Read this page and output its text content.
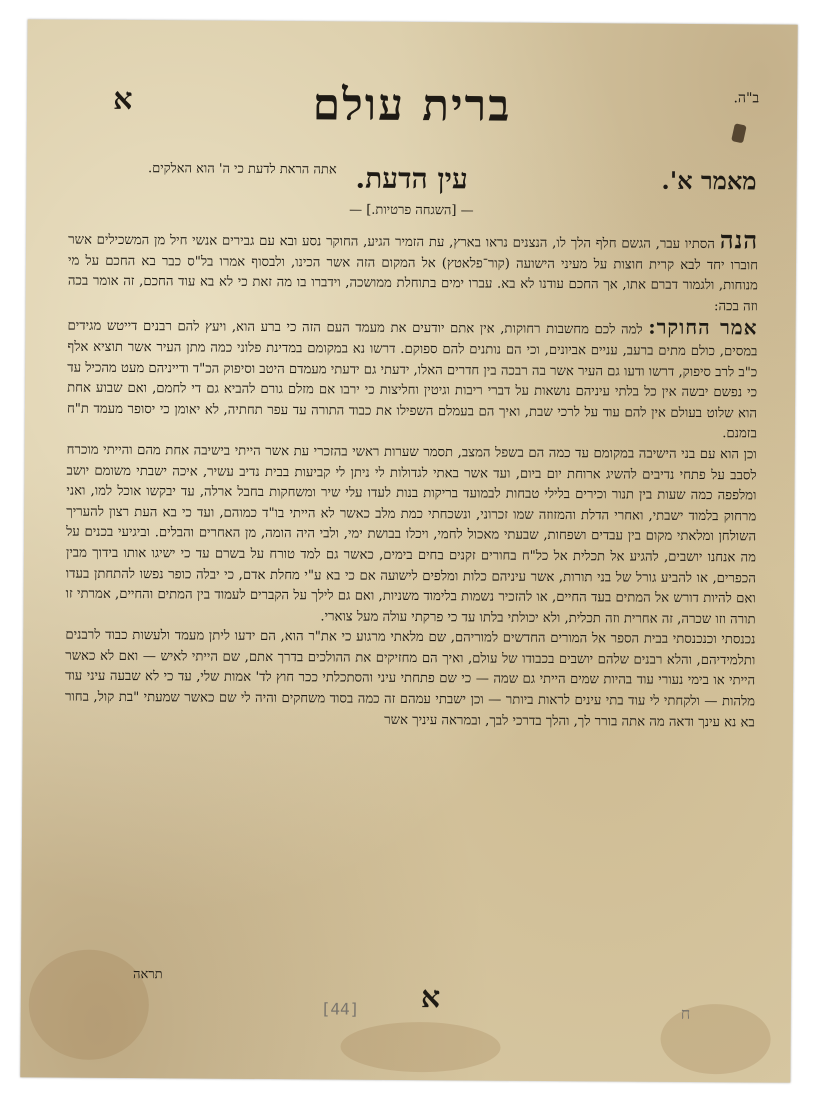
ב"ה.
א	ברית עולם
מאמר א'.
עין הדעת.
אתה הראת לדעת כי ה' הוא האלקים.
— [השגחה פרטיות.] —

הנה הסתיו עבר, הגשם חלף הלך לו, הנצנים נראו בארץ, עת הזמיר הגיע, החוקר נסע ובא עם גבירים אנשי חיל מן המשכילים אשר חוברו יחד לבא קרית חוצות על מעיני הישועה (קור־פלאטץ) אל המקום הזה אשר הכינו, ולבסוף אמרו בל"ס כבר בא החכם על מי מנוחות, ולגמור דברם אתו, אך החכם עודנו לא בא. עברו ימים בתוחלת ממושכה, וידברו בו מה זאת כי לא בא עוד החכם, זה אומר בכה וזה בכה:

אמר החוקר: למה לכם מחשבות רחוקות, אין אתם יודעים את מעמד העם הזה כי ברע הוא, ויעץ להם רבנים דייטש מגידים במסים, כולם מתים ברעב, עניים אביונים, וכי הם נותנים להם ספוקם. דרשו נא במקומם במדינת פלוני כמה מתן העיר אשר תוציא אלף כ"ב לרב סיפוק, דרשו ודעו גם העיר אשר בה רבכה בין חדרים האלו, ידעתי גם ידעתי מעמדם היטב וסיפוק הכ"ד ודייניהם מעט מהכיל עד כי נפשם יבשה אין כל בלתי עיניהם נושאות על דברי ריבות וגיטין וחליצות כי ירבו אם מזלם גורם להביא גם די לחמם, ואם שבוע אחת הוא שלוט בעולם אין להם עוד על לרכי שבת, ואיך הם בעמלם השפילו את כבוד התורה עד עפר תחתיה, לא יאומן כי יסופר מעמד ת"ח בזמנם.

וכן הוא עם בני הישיבה במקומם עד כמה הם בשפל המצב, תסמר שערות ראשי בהזכרי עת אשר הייתי בישיבה אחת מהם והייתי מוכרח לסבב על פתחי נדיבים להשיג ארוחת יום ביום, ועד אשר באתי לגדולות לי ניתן לי קביעות בבית נדיב עשיר, איכה ישבתי משומם יושב ומלפפה כמה שעות בין תנור וכירים בלילי טבחות לבמועד בריקות בנות לעדו עלי שיר ומשחקות בחבל ארלה, עד יבקשו אוכל למו, ואני מרחוק בלמוד ישבתי, ואחרי הדלת והמזוזה שמו זכרוני, ונשכחתי כמת מלב כאשר לא הייתי בו"ד כמוהם, ועד כי בא העת רצון להעריך השולחן ומלאתי מקום בין עבדים ושפחות, שבעתי מאכול לחמי, ויכלו בבושת ימי, ולבי היה הומה, מן האחרים והבלים. וביגיעי בכנים על מה אנחנו יושבים, להגיע אל תכלית אל כל"ח בחורים זקנים בחים בימים, כאשר גם למד טורח על בשרם עד כי ישיגו אותו בידוך מבין הכפרים, או להביע גורל של בני תורות, אשר עיניהם כלות ומלפים לישועה אם כי בא ע"י מחלת אדם, כי יבלה כופר נפשו להתחתן בעדו ואם להיות דורש אל המתים בעד החיים, או להזכיר נשמות בלימוד משניות, ואם גם לילך על הקברים לעמוד בין המתים והחיים, אמרתי זו תורה וזו שכרה, זה אחרית וזה תכלית, ולא יכולתי בלתו עד כי פרקתי עולה מעל צוארי.

נכנסתי וכנכנסתי בבית הספר אל המורים החדשים למוריהם, שם מלאתי מרגוע כי את"ר הוא, הם ידעו ליתן מעמד ולעשות כבוד לרבנים ותלמידיהם, והלא רבנים שלהם יושבים בכבודו של עולם, ואיך הם מחזיקים את ההולכים בדרך אתם, שם הייתי לאיש — ואם לא כאשר הייתי או בימי נעורי עוד בהיות שמים הייתי גם שמה — כי שם פתחתי עיני והסתכלתי ככר חוץ לד' אמות שלי, עד כי לא שבעה עיני עוד מלהות — ולקחתי לי עוד בתי עינים לראות ביותר — וכן ישבתי עמהם זה כמה בסוד משחקים והיה לי שם כאשר שמעתי "בת קול, בחור בא נא עינך ודאה מה אתה בורר לך, והלך בדרכי לבך, ובמראה עיניך אשר

תראה
א
[44]	ח
